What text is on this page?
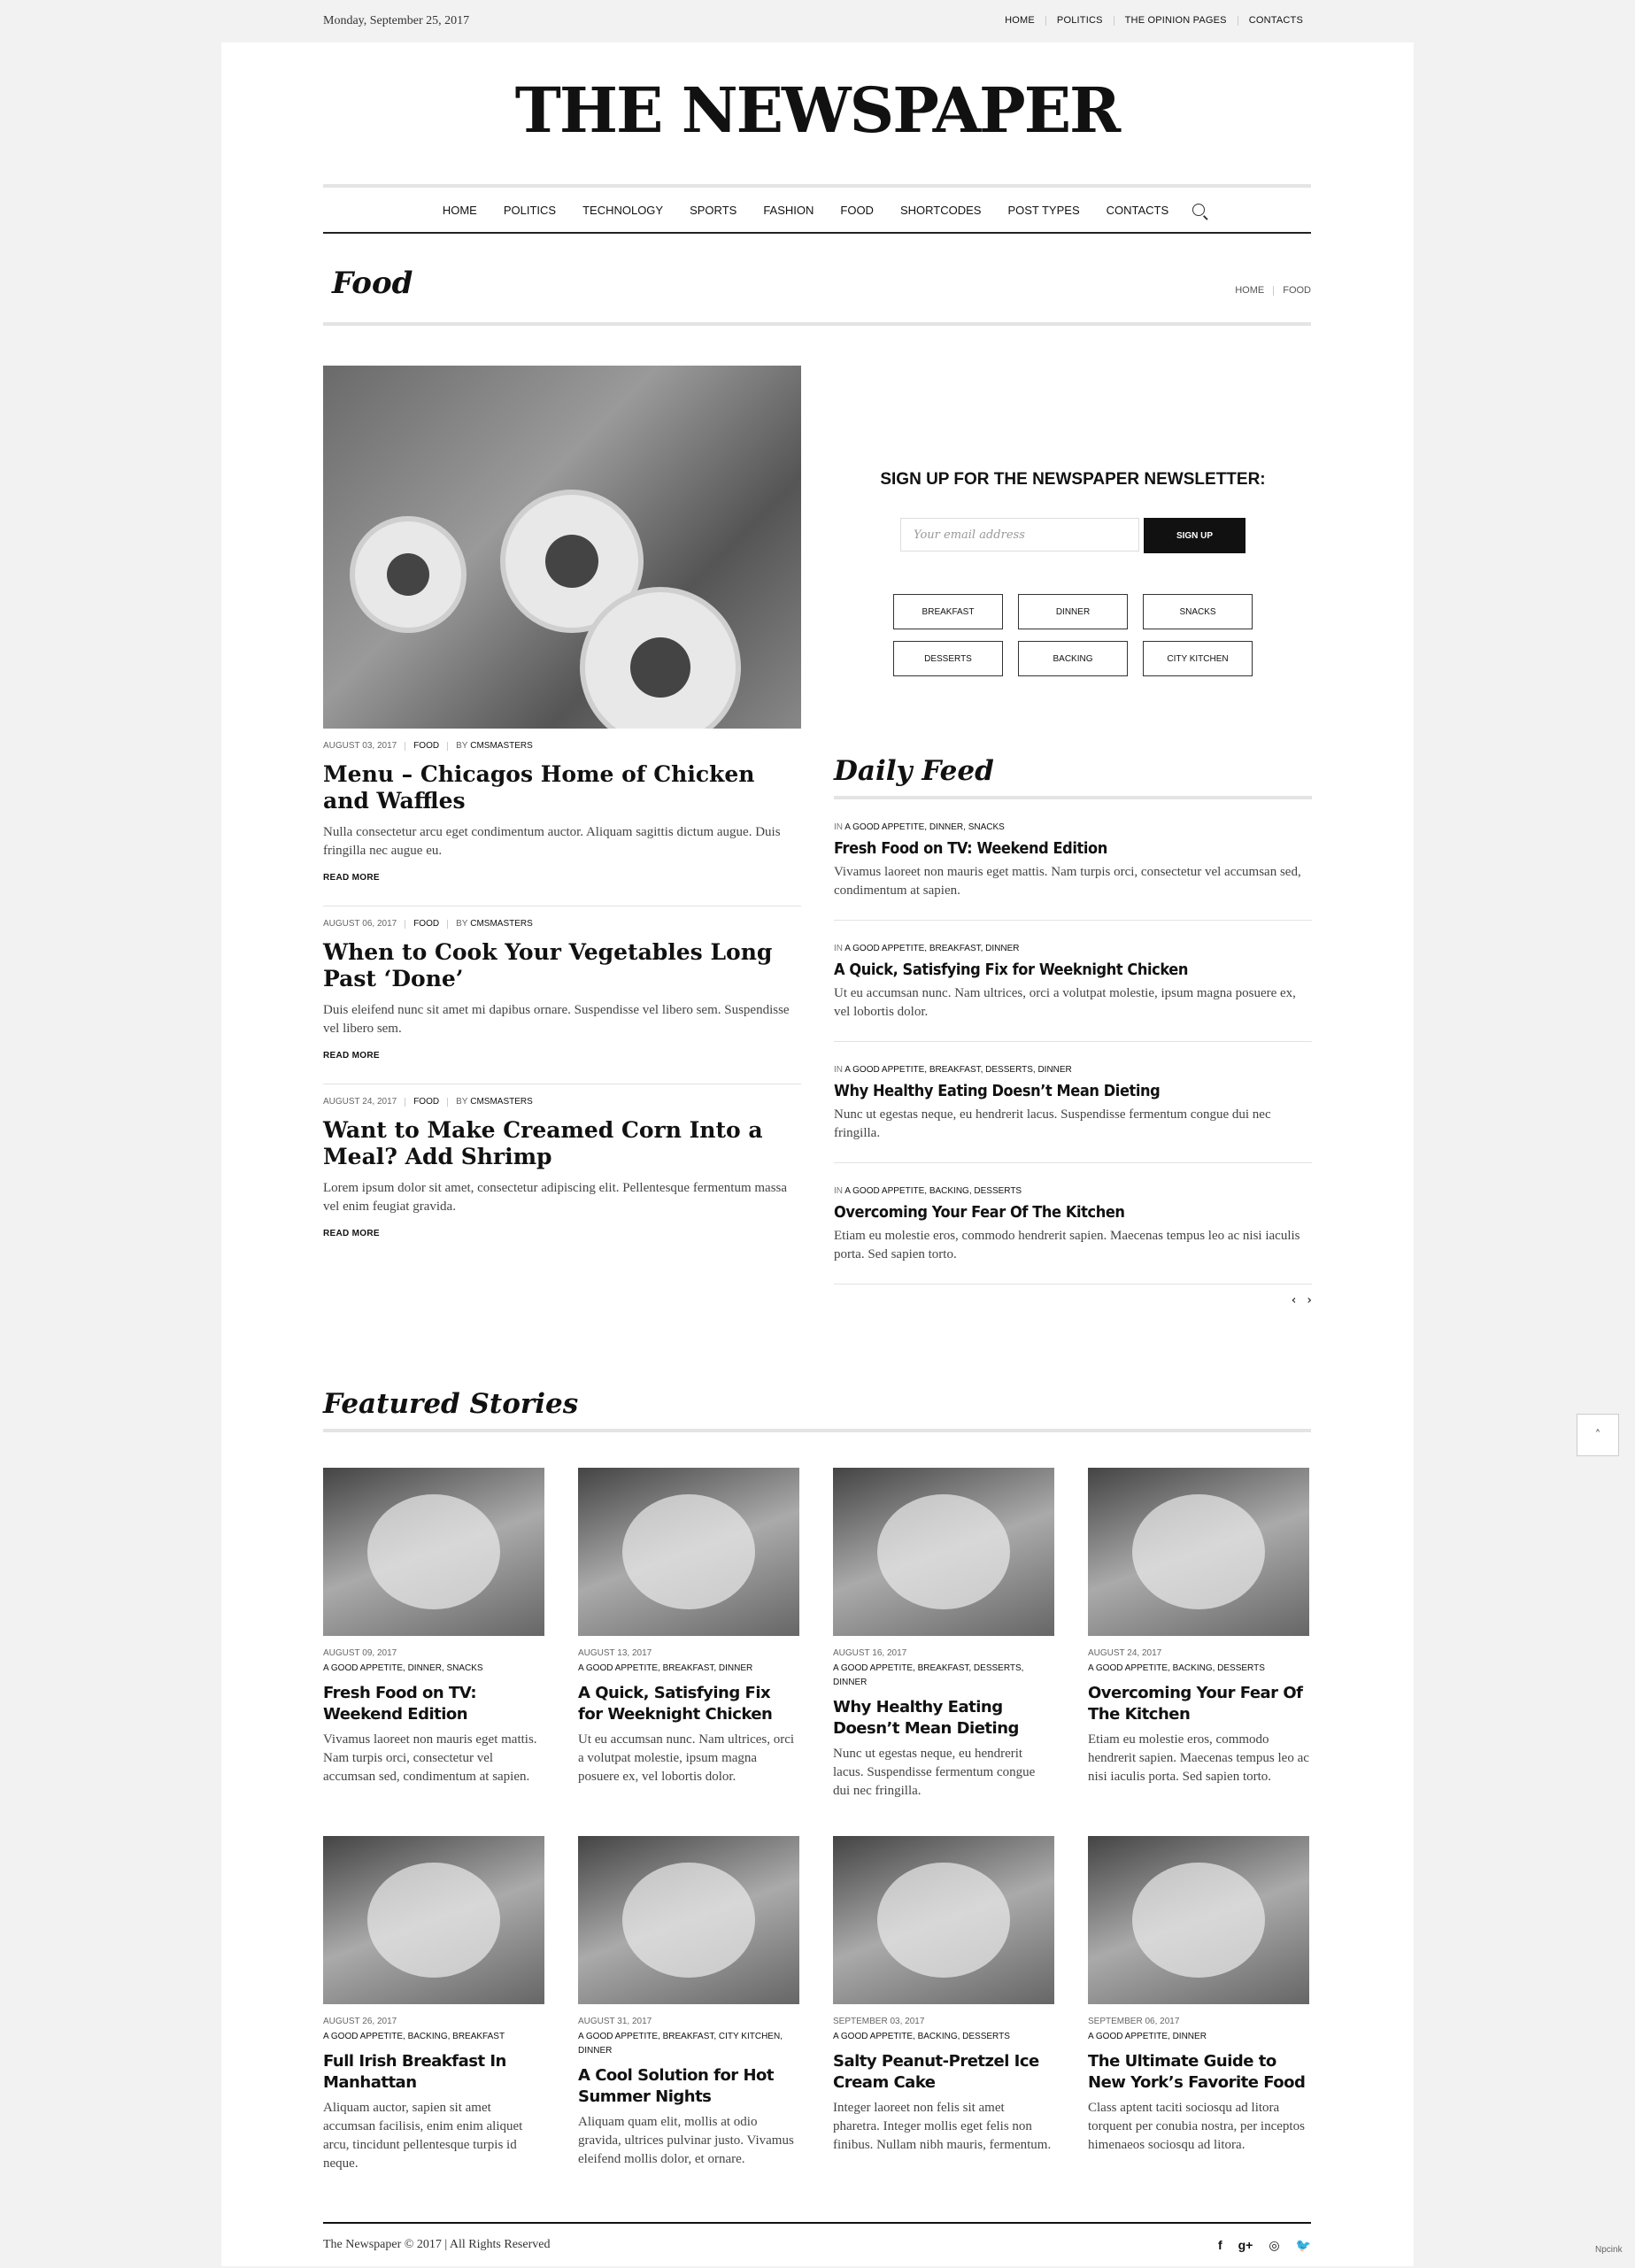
Monday, September 25, 2017	HOME POLITICS THE OPINION PAGES CONTACTS
THE NEWSPAPER
HOME POLITICS TECHNOLOGY SPORTS FASHION FOOD SHORTCODES POST TYPES CONTACTS
Food	HOME FOOD
AUGUST 03, 2017 FOOD BY
CMSMASTERS
Menu – Chicagos Home of Chicken and Waffles

Nulla consectetur arcu eget condimentum auctor. Aliquam sagittis dictum augue. Duis fringilla nec augue eu.

READ MORE
AUGUST 06, 2017 FOOD BY
CMSMASTERS
When to Cook Your Vegetables Long Past ‘Done’

Duis eleifend nunc sit amet mi dapibus ornare. Suspendisse vel libero sem. Suspendisse vel libero sem.

READ MORE
AUGUST 24, 2017 FOOD BY
CMSMASTERS
Want to Make Creamed Corn Into a Meal? Add Shrimp

Lorem ipsum dolor sit amet, consectetur adipiscing elit. Pellentesque fermentum massa vel enim feugiat gravida.

READ MORE
SIGN UP FOR THE NEWSPAPER NEWSLETTER:
Your email address	SIGN UP
BREAKFAST	DINNER	SNACKS
DESSERTS	BACKING	CITY KITCHEN
Daily Feed
IN A GOOD APPETITE, DINNER, SNACKS
Fresh Food on TV: Weekend Edition

Vivamus laoreet non mauris eget mattis. Nam turpis orci, consectetur vel accumsan sed, condimentum at sapien.

IN A GOOD APPETITE, BREAKFAST, DINNER
A Quick, Satisfying Fix for Weeknight Chicken

Ut eu accumsan nunc. Nam ultrices, orci a volutpat molestie, ipsum magna posuere ex, vel lobortis dolor.

IN A GOOD APPETITE, BREAKFAST, DESSERTS, DINNER
Why Healthy Eating Doesn’t Mean Dieting

Nunc ut egestas neque, eu hendrerit lacus. Suspendisse fermentum congue dui nec fringilla.

IN A GOOD APPETITE, BACKING, DESSERTS
Overcoming Your Fear Of The Kitchen

Etiam eu molestie eros, commodo hendrerit sapien. Maecenas tempus leo ac nisi iaculis porta. Sed sapien torto.

‹ ›
Featured Stories
AUGUST 09, 2017
A GOOD APPETITE, DINNER, SNACKS
Fresh Food on TV: Weekend Edition

Vivamus laoreet non mauris eget mattis. Nam turpis orci, consectetur vel accumsan sed, condimentum at sapien.

AUGUST 13, 2017
A GOOD APPETITE, BREAKFAST, DINNER
A Quick, Satisfying Fix for Weeknight Chicken

Ut eu accumsan nunc. Nam ultrices, orci a volutpat molestie, ipsum magna posuere ex, vel lobortis dolor.

AUGUST 16, 2017
A GOOD APPETITE, BREAKFAST, DESSERTS, DINNER
Why Healthy Eating Doesn’t Mean Dieting

Nunc ut egestas neque, eu hendrerit lacus. Suspendisse fermentum congue dui nec fringilla.

AUGUST 24, 2017
A GOOD APPETITE, BACKING, DESSERTS
Overcoming Your Fear Of The Kitchen

Etiam eu molestie eros, commodo hendrerit sapien. Maecenas tempus leo ac nisi iaculis porta. Sed sapien torto.

AUGUST 26, 2017
A GOOD APPETITE, BACKING, BREAKFAST
Full Irish Breakfast In Manhattan

Aliquam auctor, sapien sit amet accumsan facilisis, enim enim aliquet arcu, tincidunt pellentesque turpis id neque.

AUGUST 31, 2017
A GOOD APPETITE, BREAKFAST, CITY KITCHEN, DINNER
A Cool Solution for Hot Summer Nights

Aliquam quam elit, mollis at odio gravida, ultrices pulvinar justo. Vivamus eleifend mollis dolor, et ornare.

SEPTEMBER 03, 2017
A GOOD APPETITE, BACKING, DESSERTS
Salty Peanut-Pretzel Ice Cream Cake

Integer laoreet non felis sit amet pharetra. Integer mollis eget felis non finibus. Nullam nibh mauris, fermentum.

SEPTEMBER 06, 2017
A GOOD APPETITE, DINNER
The Ultimate Guide to New York’s Favorite Food

Class aptent taciti sociosqu ad litora torquent per conubia nostra, per inceptos himenaeos sociosqu ad litora.

The Newspaper © 2017 | All Rights Reserved	f g+ ◎ 🐦
˄
Npcink
